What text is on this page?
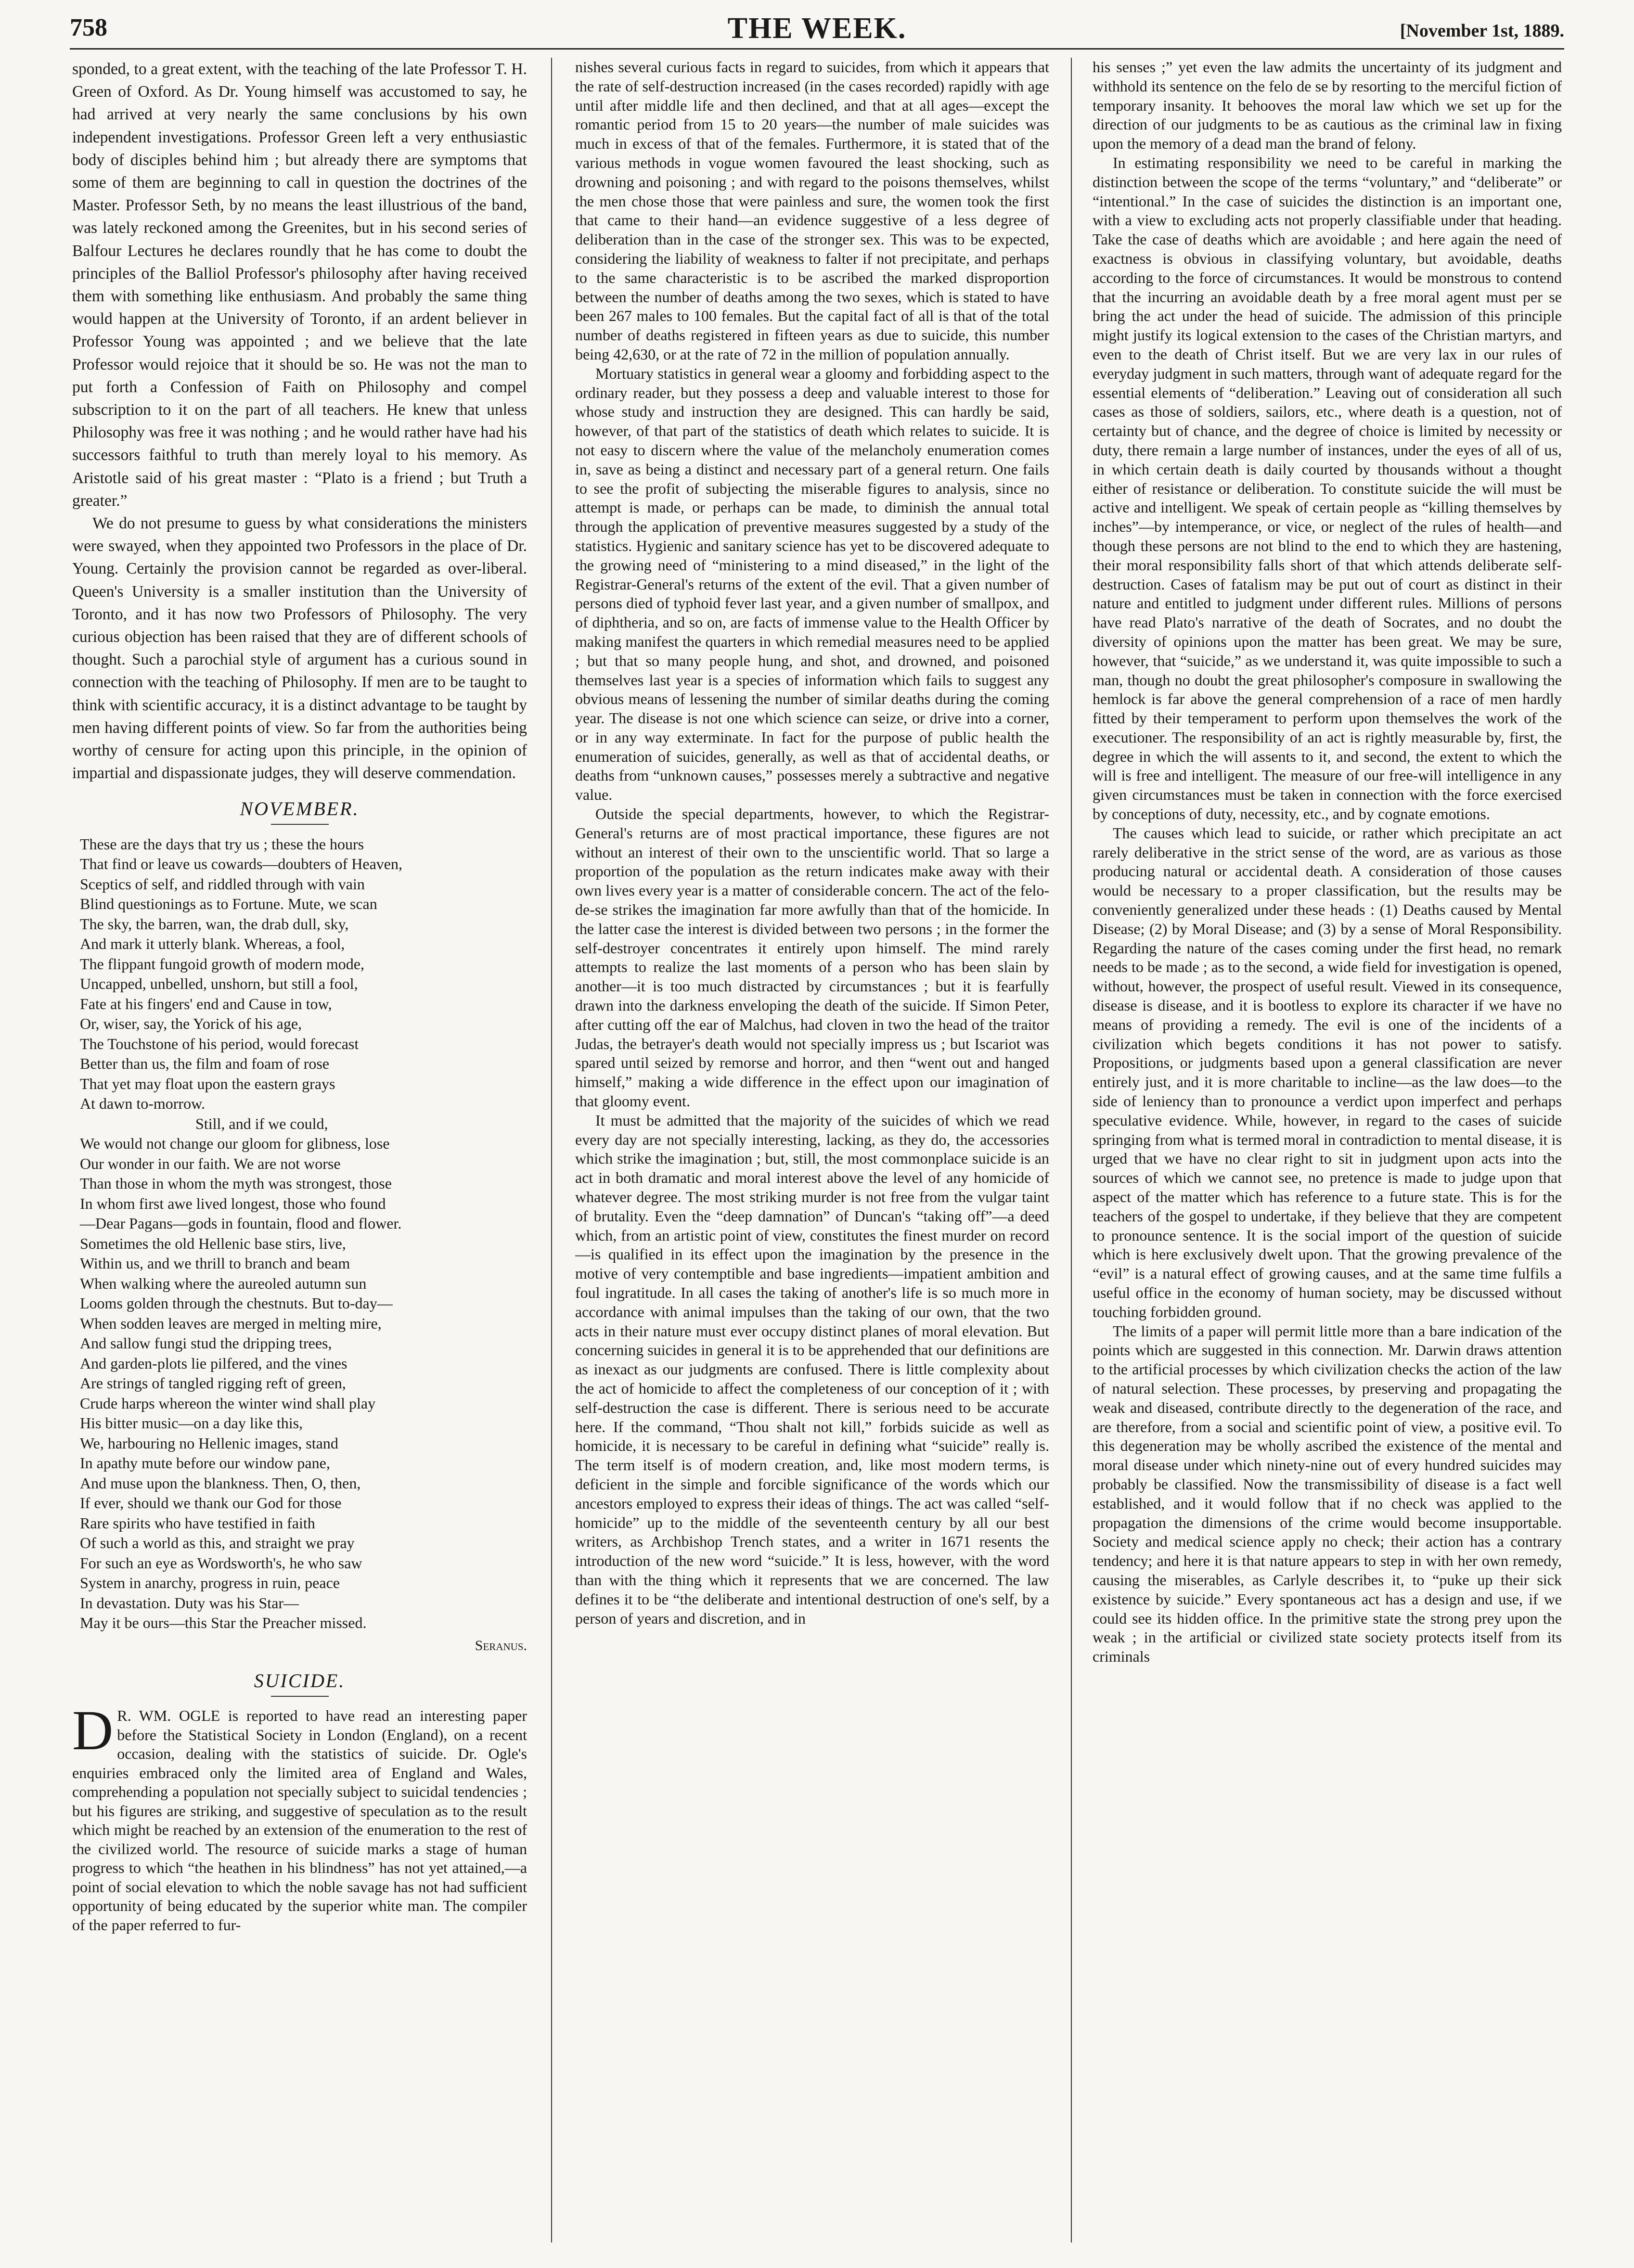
758	THE WEEK.	[November 1st, 1889.

sponded, to a great extent, with the teaching of the late Professor T. H. Green of Oxford. As Dr. Young himself was accustomed to say, he had arrived at very nearly the same conclusions by his own independent investigations. Professor Green left a very enthusiastic body of disciples behind him ; but already there are symptoms that some of them are beginning to call in question the doctrines of the Master. Professor Seth, by no means the least illustrious of the band, was lately reckoned among the Greenites, but in his second series of Balfour Lectures he declares roundly that he has come to doubt the principles of the Balliol Professor's philosophy after having received them with something like enthusiasm. And probably the same thing would happen at the University of Toronto, if an ardent believer in Professor Young was appointed ; and we believe that the late Professor would rejoice that it should be so. He was not the man to put forth a Confession of Faith on Philosophy and compel subscription to it on the part of all teachers. He knew that unless Philosophy was free it was nothing ; and he would rather have had his successors faithful to truth than merely loyal to his memory. As Aristotle said of his great master : “Plato is a friend ; but Truth a greater.”

We do not presume to guess by what considerations the ministers were swayed, when they appointed two Professors in the place of Dr. Young. Certainly the provision cannot be regarded as over-liberal. Queen's University is a smaller institution than the University of Toronto, and it has now two Professors of Philosophy. The very curious objection has been raised that they are of different schools of thought. Such a parochial style of argument has a curious sound in connection with the teaching of Philosophy. If men are to be taught to think with scientific accuracy, it is a distinct advantage to be taught by men having different points of view. So far from the authorities being worthy of censure for acting upon this principle, in the opinion of impartial and dispassionate judges, they will deserve commendation.

NOVEMBER.
These are the days that try us ; these the hours
That find or leave us cowards—doubters of Heaven,
Sceptics of self, and riddled through with vain
Blind questionings as to Fortune. Mute, we scan
The sky, the barren, wan, the drab dull, sky,
And mark it utterly blank. Whereas, a fool,
The flippant fungoid growth of modern mode,
Uncapped, unbelled, unshorn, but still a fool,
Fate at his fingers' end and Cause in tow,
Or, wiser, say, the Yorick of his age,
The Touchstone of his period, would forecast
Better than us, the film and foam of rose
That yet may float upon the eastern grays
At dawn to-morrow.
Still, and if we could,
We would not change our gloom for glibness, lose
Our wonder in our faith. We are not worse
Than those in whom the myth was strongest, those
In whom first awe lived longest, those who found
—Dear Pagans—gods in fountain, flood and flower.
Sometimes the old Hellenic base stirs, live,
Within us, and we thrill to branch and beam
When walking where the aureoled autumn sun
Looms golden through the chestnuts. But to-day—
When sodden leaves are merged in melting mire,
And sallow fungi stud the dripping trees,
And garden-plots lie pilfered, and the vines
Are strings of tangled rigging reft of green,
Crude harps whereon the winter wind shall play
His bitter music—on a day like this,
We, harbouring no Hellenic images, stand
In apathy mute before our window pane,
And muse upon the blankness. Then, O, then,
If ever, should we thank our God for those
Rare spirits who have testified in faith
Of such a world as this, and straight we pray
For such an eye as Wordsworth's, he who saw
System in anarchy, progress in ruin, peace
In devastation. Duty was his Star—
May it be ours—this Star the Preacher missed.
Seranus.
SUICIDE.

D R. WM. OGLE is reported to have read an interesting paper before the Statistical Society in London (England), on a recent occasion, dealing with the statistics of suicide. Dr. Ogle's enquiries embraced only the limited area of England and Wales, comprehending a population not specially subject to suicidal tendencies ; but his figures are striking, and suggestive of speculation as to the result which might be reached by an extension of the enumeration to the rest of the civilized world. The resource of suicide marks a stage of human progress to which “the heathen in his blindness” has not yet attained,—a point of social elevation to which the noble savage has not had sufficient opportunity of being educated by the superior white man. The compiler of the paper referred to fur-

nishes several curious facts in regard to suicides, from which it appears that the rate of self-destruction increased (in the cases recorded) rapidly with age until after middle life and then declined, and that at all ages—except the romantic period from 15 to 20 years—the number of male suicides was much in excess of that of the females. Furthermore, it is stated that of the various methods in vogue women favoured the least shocking, such as drowning and poisoning ; and with regard to the poisons themselves, whilst the men chose those that were painless and sure, the women took the first that came to their hand—an evidence suggestive of a less degree of deliberation than in the case of the stronger sex. This was to be expected, considering the liability of weakness to falter if not precipitate, and perhaps to the same characteristic is to be ascribed the marked disproportion between the number of deaths among the two sexes, which is stated to have been 267 males to 100 females. But the capital fact of all is that of the total number of deaths registered in fifteen years as due to suicide, this number being 42,630, or at the rate of 72 in the million of population annually.

Mortuary statistics in general wear a gloomy and forbidding aspect to the ordinary reader, but they possess a deep and valuable interest to those for whose study and instruction they are designed. This can hardly be said, however, of that part of the statistics of death which relates to suicide. It is not easy to discern where the value of the melancholy enumeration comes in, save as being a distinct and necessary part of a general return. One fails to see the profit of subjecting the miserable figures to analysis, since no attempt is made, or perhaps can be made, to diminish the annual total through the application of preventive measures suggested by a study of the statistics. Hygienic and sanitary science has yet to be discovered adequate to the growing need of “ministering to a mind diseased,” in the light of the Registrar-General's returns of the extent of the evil. That a given number of persons died of typhoid fever last year, and a given number of smallpox, and of diphtheria, and so on, are facts of immense value to the Health Officer by making manifest the quarters in which remedial measures need to be applied ; but that so many people hung, and shot, and drowned, and poisoned themselves last year is a species of information which fails to suggest any obvious means of lessening the number of similar deaths during the coming year. The disease is not one which science can seize, or drive into a corner, or in any way exterminate. In fact for the purpose of public health the enumeration of suicides, generally, as well as that of accidental deaths, or deaths from “unknown causes,” possesses merely a subtractive and negative value.

Outside the special departments, however, to which the Registrar-General's returns are of most practical importance, these figures are not without an interest of their own to the unscientific world. That so large a proportion of the population as the return indicates make away with their own lives every year is a matter of considerable concern. The act of the felo-de-se strikes the imagination far more awfully than that of the homicide. In the latter case the interest is divided between two persons ; in the former the self-destroyer concentrates it entirely upon himself. The mind rarely attempts to realize the last moments of a person who has been slain by another—it is too much distracted by circumstances ; but it is fearfully drawn into the darkness enveloping the death of the suicide. If Simon Peter, after cutting off the ear of Malchus, had cloven in two the head of the traitor Judas, the betrayer's death would not specially impress us ; but Iscariot was spared until seized by remorse and horror, and then “went out and hanged himself,” making a wide difference in the effect upon our imagination of that gloomy event.

It must be admitted that the majority of the suicides of which we read every day are not specially interesting, lacking, as they do, the accessories which strike the imagination ; but, still, the most commonplace suicide is an act in both dramatic and moral interest above the level of any homicide of whatever degree. The most striking murder is not free from the vulgar taint of brutality. Even the “deep damnation” of Duncan's “taking off”—a deed which, from an artistic point of view, constitutes the finest murder on record—is qualified in its effect upon the imagination by the presence in the motive of very contemptible and base ingredients—impatient ambition and foul ingratitude. In all cases the taking of another's life is so much more in accordance with animal impulses than the taking of our own, that the two acts in their nature must ever occupy distinct planes of moral elevation. But concerning suicides in general it is to be apprehended that our definitions are as inexact as our judgments are confused. There is little complexity about the act of homicide to affect the completeness of our conception of it ; with self-destruction the case is different. There is serious need to be accurate here. If the command, “Thou shalt not kill,” forbids suicide as well as homicide, it is necessary to be careful in defining what “suicide” really is. The term itself is of modern creation, and, like most modern terms, is deficient in the simple and forcible significance of the words which our ancestors employed to express their ideas of things. The act was called “self-homicide” up to the middle of the seventeenth century by all our best writers, as Archbishop Trench states, and a writer in 1671 resents the introduction of the new word “suicide.” It is less, however, with the word than with the thing which it represents that we are concerned. The law defines it to be “the deliberate and intentional destruction of one's self, by a person of years and discretion, and in

his senses ;” yet even the law admits the uncertainty of its judgment and withhold its sentence on the felo de se by resorting to the merciful fiction of temporary insanity. It behooves the moral law which we set up for the direction of our judgments to be as cautious as the criminal law in fixing upon the memory of a dead man the brand of felony.

In estimating responsibility we need to be careful in marking the distinction between the scope of the terms “voluntary,” and “deliberate” or “intentional.” In the case of suicides the distinction is an important one, with a view to excluding acts not properly classifiable under that heading. Take the case of deaths which are avoidable ; and here again the need of exactness is obvious in classifying voluntary, but avoidable, deaths according to the force of circumstances. It would be monstrous to contend that the incurring an avoidable death by a free moral agent must per se bring the act under the head of suicide. The admission of this principle might justify its logical extension to the cases of the Christian martyrs, and even to the death of Christ itself. But we are very lax in our rules of everyday judgment in such matters, through want of adequate regard for the essential elements of “deliberation.” Leaving out of consideration all such cases as those of soldiers, sailors, etc., where death is a question, not of certainty but of chance, and the degree of choice is limited by necessity or duty, there remain a large number of instances, under the eyes of all of us, in which certain death is daily courted by thousands without a thought either of resistance or deliberation. To constitute suicide the will must be active and intelligent. We speak of certain people as “killing themselves by inches”—by intemperance, or vice, or neglect of the rules of health—and though these persons are not blind to the end to which they are hastening, their moral responsibility falls short of that which attends deliberate self-destruction. Cases of fatalism may be put out of court as distinct in their nature and entitled to judgment under different rules. Millions of persons have read Plato's narrative of the death of Socrates, and no doubt the diversity of opinions upon the matter has been great. We may be sure, however, that “suicide,” as we understand it, was quite impossible to such a man, though no doubt the great philosopher's composure in swallowing the hemlock is far above the general comprehension of a race of men hardly fitted by their temperament to perform upon themselves the work of the executioner. The responsibility of an act is rightly measurable by, first, the degree in which the will assents to it, and second, the extent to which the will is free and intelligent. The measure of our free-will intelligence in any given circumstances must be taken in connection with the force exercised by conceptions of duty, necessity, etc., and by cognate emotions.

The causes which lead to suicide, or rather which precipitate an act rarely deliberative in the strict sense of the word, are as various as those producing natural or accidental death. A consideration of those causes would be necessary to a proper classification, but the results may be conveniently generalized under these heads : (1) Deaths caused by Mental Disease; (2) by Moral Disease; and (3) by a sense of Moral Responsibility. Regarding the nature of the cases coming under the first head, no remark needs to be made ; as to the second, a wide field for investigation is opened, without, however, the prospect of useful result. Viewed in its consequence, disease is disease, and it is bootless to explore its character if we have no means of providing a remedy. The evil is one of the incidents of a civilization which begets conditions it has not power to satisfy. Propositions, or judgments based upon a general classification are never entirely just, and it is more charitable to incline—as the law does—to the side of leniency than to pronounce a verdict upon imperfect and perhaps speculative evidence. While, however, in regard to the cases of suicide springing from what is termed moral in contradiction to mental disease, it is urged that we have no clear right to sit in judgment upon acts into the sources of which we cannot see, no pretence is made to judge upon that aspect of the matter which has reference to a future state. This is for the teachers of the gospel to undertake, if they believe that they are competent to pronounce sentence. It is the social import of the question of suicide which is here exclusively dwelt upon. That the growing prevalence of the “evil” is a natural effect of growing causes, and at the same time fulfils a useful office in the economy of human society, may be discussed without touching forbidden ground.

The limits of a paper will permit little more than a bare indication of the points which are suggested in this connection. Mr. Darwin draws attention to the artificial processes by which civilization checks the action of the law of natural selection. These processes, by preserving and propagating the weak and diseased, contribute directly to the degeneration of the race, and are therefore, from a social and scientific point of view, a positive evil. To this degeneration may be wholly ascribed the existence of the mental and moral disease under which ninety-nine out of every hundred suicides may probably be classified. Now the transmissibility of disease is a fact well established, and it would follow that if no check was applied to the propagation the dimensions of the crime would become insupportable. Society and medical science apply no check; their action has a contrary tendency; and here it is that nature appears to step in with her own remedy, causing the miserables, as Carlyle describes it, to “puke up their sick existence by suicide.” Every spontaneous act has a design and use, if we could see its hidden office. In the primitive state the strong prey upon the weak ; in the artificial or civilized state society protects itself from its criminals
